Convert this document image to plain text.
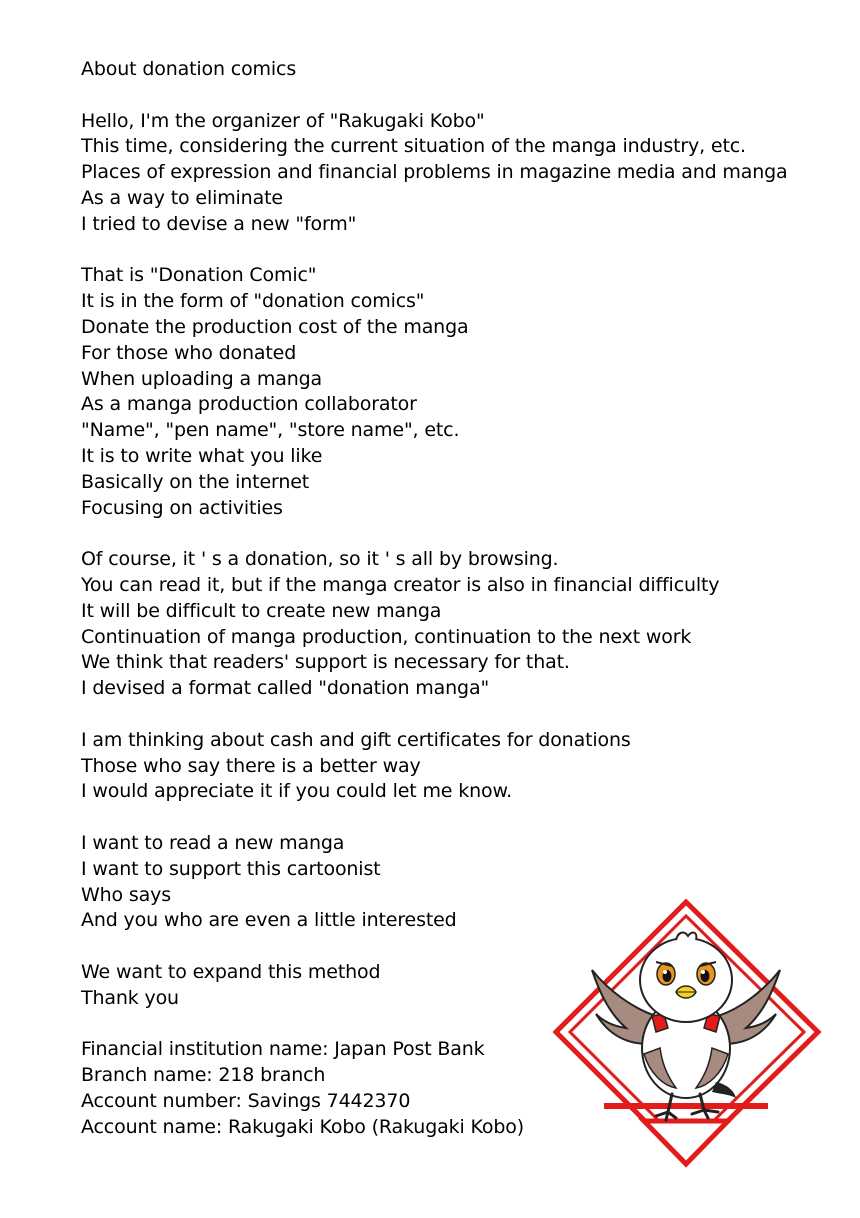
About donation comics
Hello, I'm the organizer of "Rakugaki Kobo"
This time, considering the current situation of the manga industry, etc.
Places of expression and financial problems in magazine media and manga
As a way to eliminate
I tried to devise a new "form"
That is "Donation Comic"
It is in the form of "donation comics"
Donate the production cost of the manga
For those who donated
When uploading a manga
As a manga production collaborator
"Name", "pen name", "store name", etc.
It is to write what you like
Basically on the internet
Focusing on activities
Of course, it ' s a donation, so it ' s all by browsing.
You can read it, but if the manga creator is also in financial difficulty
It will be difficult to create new manga
Continuation of manga production, continuation to the next work
We think that readers' support is necessary for that.
I devised a format called "donation manga"
I am thinking about cash and gift certificates for donations
Those who say there is a better way
I would appreciate it if you could let me know.
I want to read a new manga
I want to support this cartoonist
Who says
And you who are even a little interested
We want to expand this method
Thank you
Financial institution name: Japan Post Bank
Branch name: 218 branch
Account number: Savings 7442370
Account name: Rakugaki Kobo (Rakugaki Kobo)
